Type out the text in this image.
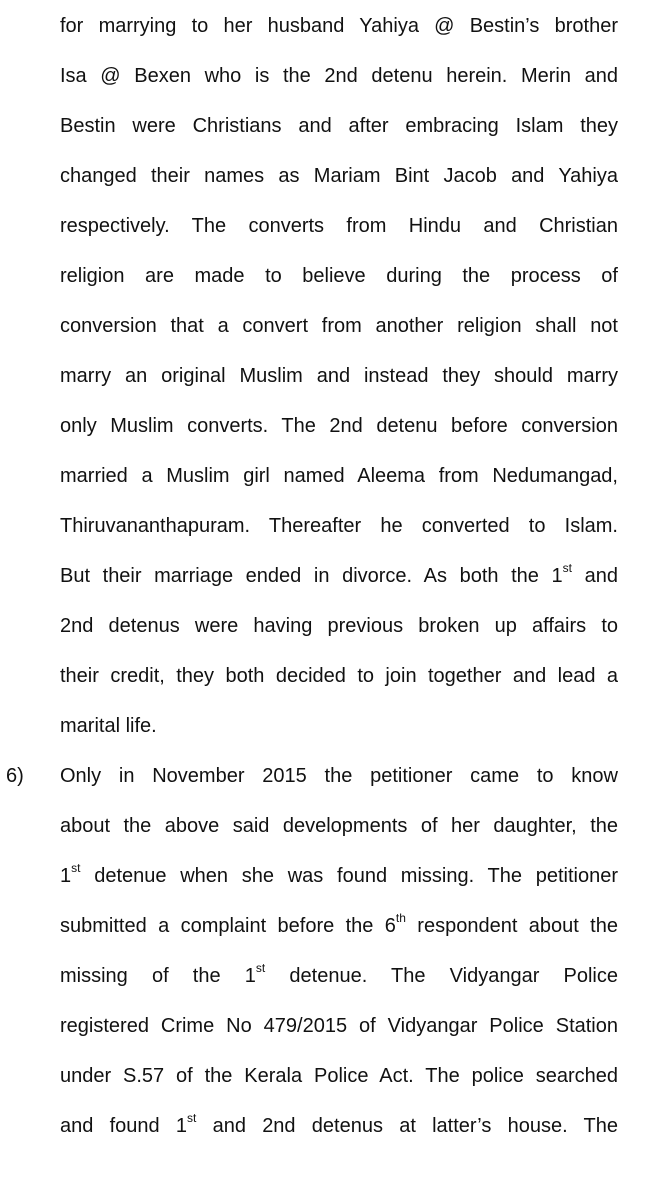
for marrying to her husband Yahiya @ Bestin’s brother
Isa @ Bexen who is the 2nd detenu herein. Merin and
Bestin were Christians and after embracing Islam they
changed their names as Mariam Bint Jacob and Yahiya
respectively. The converts from Hindu and Christian
religion are made to believe during the process of
conversion that a convert from another religion shall not
marry an original Muslim and instead they should marry
only Muslim converts. The 2nd detenu before conversion
married a Muslim girl named Aleema from Nedumangad,
Thiruvananthapuram. Thereafter he converted to Islam.
But their marriage ended in divorce. As both the 1st and
2nd detenus were having previous broken up affairs to
their credit, they both decided to join together and lead a
marital life.
6) Only in November 2015 the petitioner came to know
about the above said developments of her daughter, the
1st detenue when she was found missing. The petitioner
submitted a complaint before the 6th respondent about the
missing of the 1st detenue. The Vidyangar Police
registered Crime No 479/2015 of Vidyangar Police Station
under S.57 of the Kerala Police Act. The police searched
and found 1st and 2nd detenus at latter’s house. The
